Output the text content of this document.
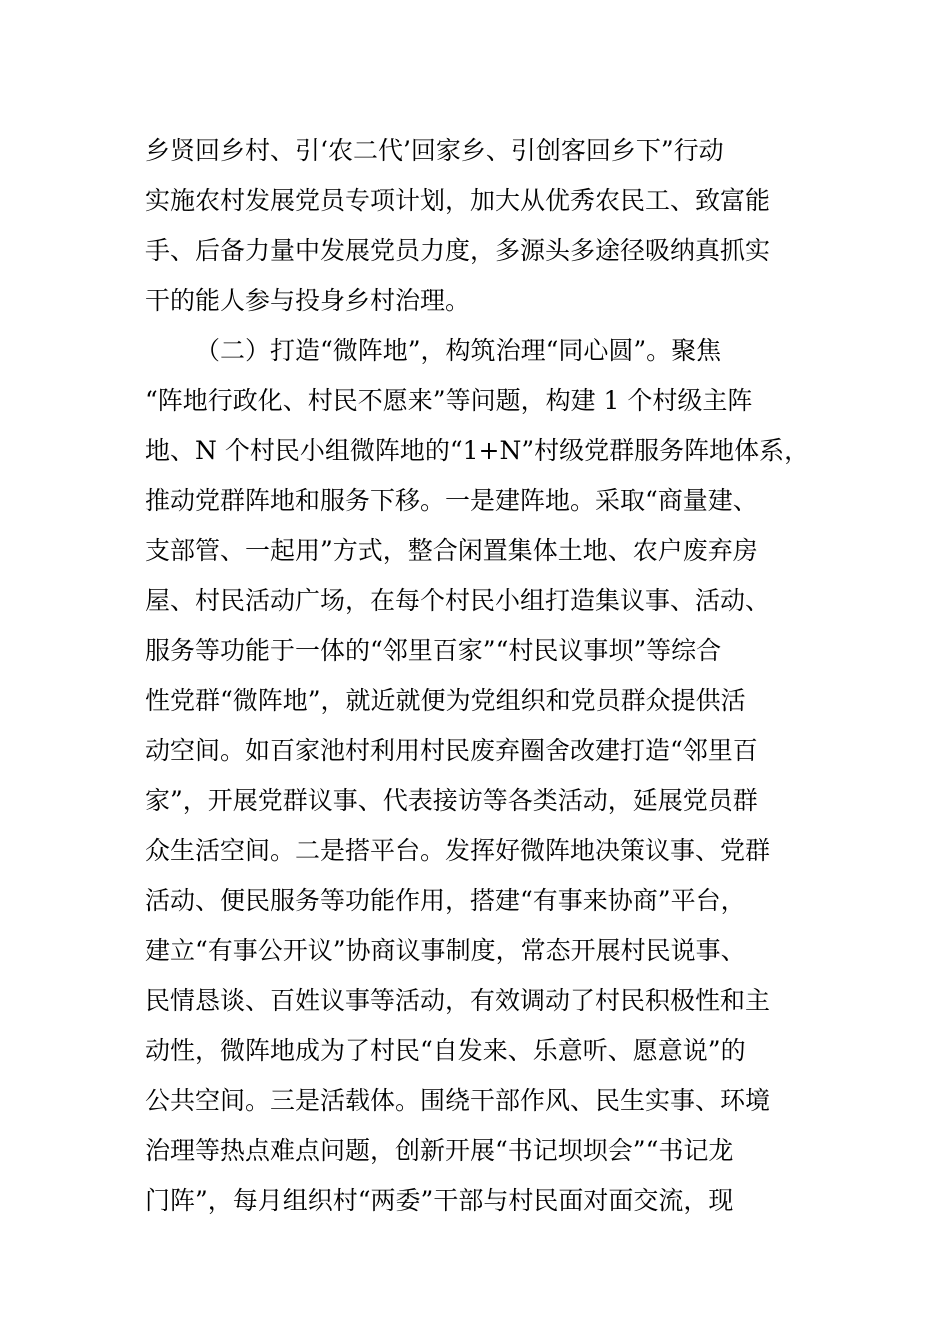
乡贤回乡村、引‘农二代’回家乡、引创客回乡下”行动
实施农村发展党员专项计划，加大从优秀农民工、致富能
手、后备力量中发展党员力度，多源头多途径吸纳真抓实
干的能人参与投身乡村治理。
（二）打造“微阵地”，构筑治理“同心圆”。聚焦
“阵地行政化、村民不愿来”等问题，构建 1 个村级主阵
地、N 个村民小组微阵地的“1+N”村级党群服务阵地体系，
推动党群阵地和服务下移。一是建阵地。采取“商量建、
支部管、一起用”方式，整合闲置集体土地、农户废弃房
屋、村民活动广场，在每个村民小组打造集议事、活动、
服务等功能于一体的“邻里百家”“村民议事坝”等综合
性党群“微阵地”，就近就便为党组织和党员群众提供活
动空间。如百家池村利用村民废弃圈舍改建打造“邻里百
家”，开展党群议事、代表接访等各类活动，延展党员群
众生活空间。二是搭平台。发挥好微阵地决策议事、党群
活动、便民服务等功能作用，搭建“有事来协商”平台，
建立“有事公开议”协商议事制度，常态开展村民说事、
民情恳谈、百姓议事等活动，有效调动了村民积极性和主
动性，微阵地成为了村民“自发来、乐意听、愿意说”的
公共空间。三是活载体。围绕干部作风、民生实事、环境
治理等热点难点问题，创新开展“书记坝坝会”“书记龙
门阵”，每月组织村“两委”干部与村民面对面交流，现
